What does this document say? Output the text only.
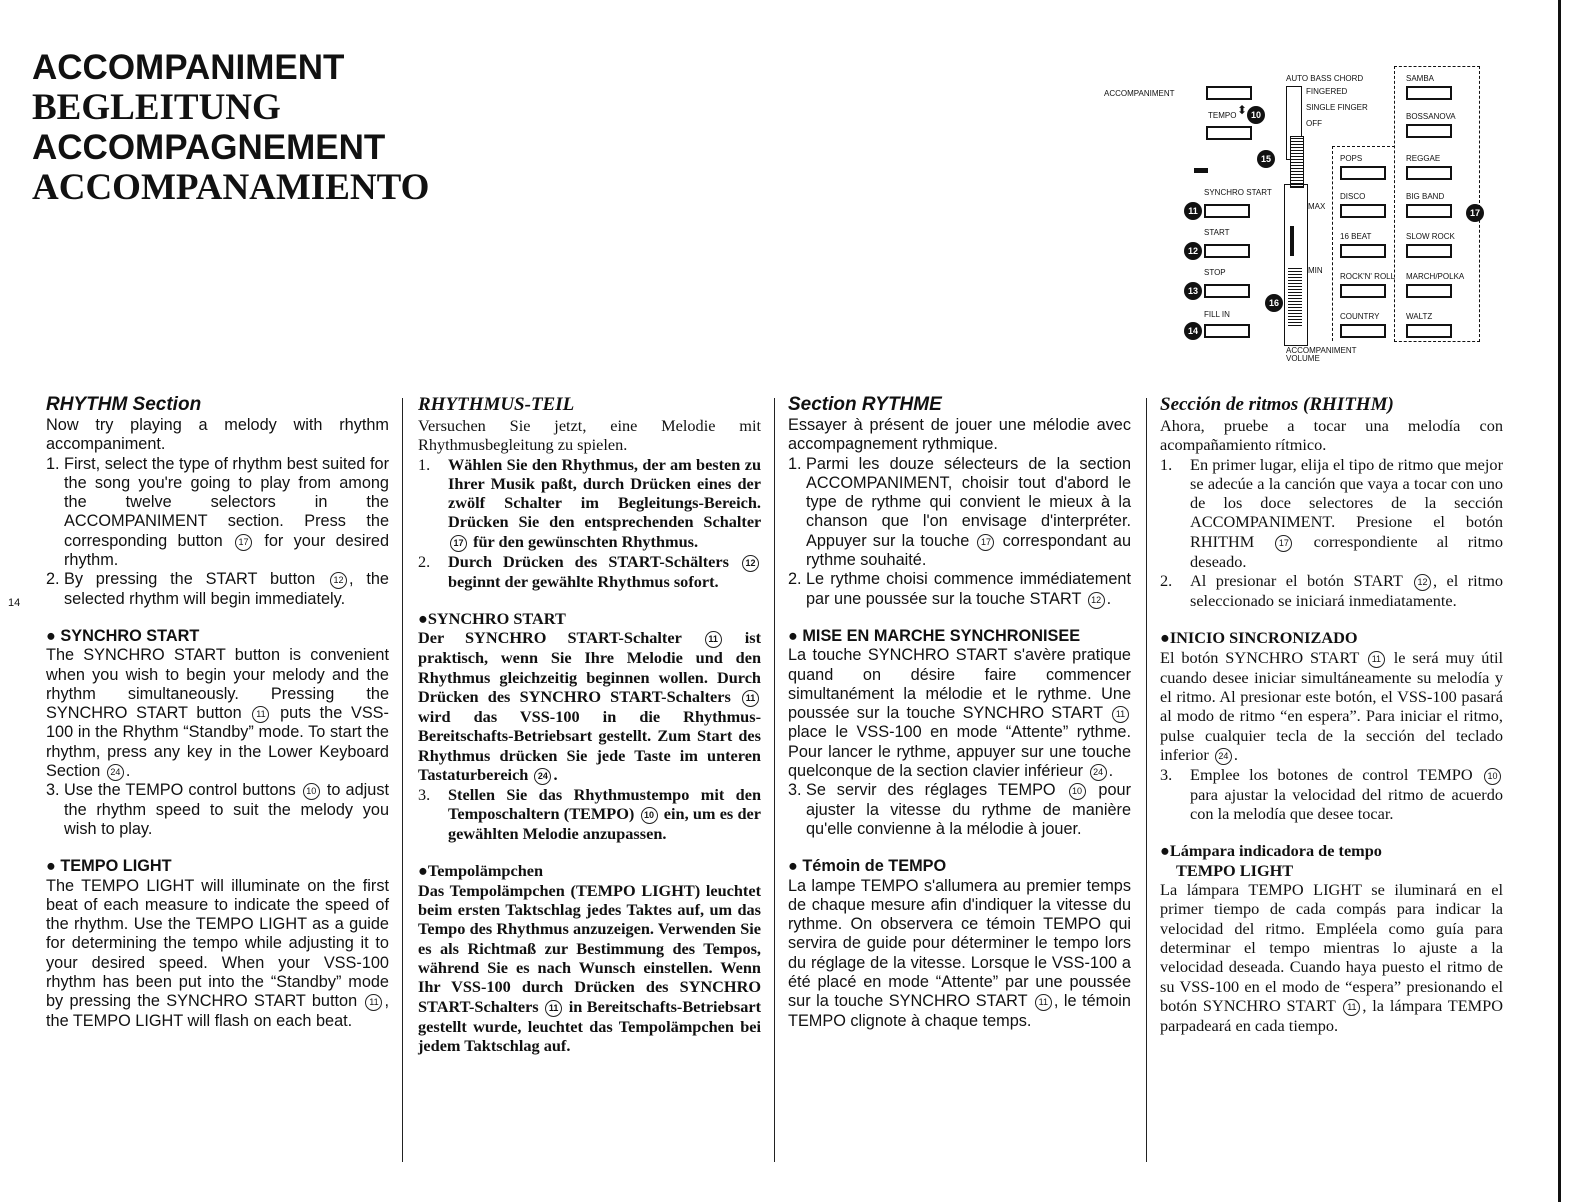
ACCOMPANIMENT
BEGLEITUNG
ACCOMPAGNEMENT
ACCOMPANAMIENTO
ACCOMPANIMENT
TEMPO ⬍ 10
AUTO BASS CHORD
FINGERED
SINGLE FINGER
OFF
15
MAX
MIN
16
ACCOMPANIMENT
VOLUME
SYNCHRO START
11
START
12
STOP
13
FILL IN
14
SAMBA
BOSSANOVA
POPS	REGGAE
DISCO	BIG BAND
17
16 BEAT	SLOW ROCK
ROCK'N' ROLL MARCH/POLKA
COUNTRY	WALTZ
14
RHYTHM Section

Now try playing a melody with rhythm accompaniment.

1. First, select the type of rhythm best suited for the song you're going to play from among the twelve selectors in the ACCOMPANIMENT section. Press the corresponding button 17 for your desired rhythm.
2. By pressing the START button 12 , the selected rhythm will begin immediately.
● SYNCHRO START

The SYNCHRO START button is convenient when you wish to begin your melody and the rhythm simultaneously. Pressing the SYNCHRO START button 11 puts the VSS-100 in the Rhythm “Standby” mode. To start the rhythm, press any key in the Lower Keyboard Section 24 .

3. Use the TEMPO control buttons 10 to adjust the rhythm speed to suit the melody you wish to play.
● TEMPO LIGHT

The TEMPO LIGHT will illuminate on the first beat of each measure to indicate the speed of the rhythm. Use the TEMPO LIGHT as a guide for determining the tempo while adjusting it to your desired speed. When your VSS-100 rhythm has been put into the “Standby” mode by pressing the SYNCHRO START button 11 , the TEMPO LIGHT will flash on each beat.

RHYTHMUS-TEIL

Versuchen Sie jetzt, eine Melodie mit Rhythmusbegleitung zu spielen.

1.	Wählen Sie den Rhythmus, der am besten zu Ihrer Musik paßt, durch Drücken eines der zwölf Schalter im Begleitungs-Bereich. Drücken Sie den entsprechenden Schalter 17 für den gewünschten Rhythmus.
2.	Durch Drücken des START-Schälters 12 beginnt der gewählte Rhythmus sofort.
●SYNCHRO START

Der SYNCHRO START-Schalter	11 ist praktisch, wenn Sie Ihre Melodie und den Rhythmus gleichzeitig beginnen wollen. Durch Drücken des SYNCHRO START-Schalters 11 wird das VSS-100 in die Rhythmus-Bereitschafts-Betriebsart gestellt. Zum Start des Rhythmus drücken Sie jede Taste im unteren Tastaturbereich 24 .

3.	Stellen Sie das Rhythmustempo mit den Temposchaltern (TEMPO) 10 ein, um es der gewählten Melodie anzupassen.
●Tempolämpchen

Das Tempolämpchen (TEMPO LIGHT) leuchtet beim ersten Taktschlag jedes Taktes auf, um das Tempo des Rhythmus anzuzeigen. Verwenden Sie es als Richtmaß zur Bestimmung des Tempos, während Sie es nach Wunsch einstellen. Wenn Ihr VSS-100 durch Drücken des SYNCHRO START-Schalters 11 in Bereitschafts-Betriebsart gestellt wurde, leuchtet das Tempolämpchen bei jedem Taktschlag auf.

Section RYTHME

Essayer à présent de jouer une mélodie avec accompagnement rythmique.

1. Parmi les douze sélecteurs de la section ACCOMPANIMENT, choisir tout d'abord le type de rythme qui convient le mieux à la chanson que l'on envisage d'interpréter. Appuyer sur la touche 17 correspondant au rythme souhaité.
2. Le rythme choisi commence immédiatement par une poussée sur la touche START 12 .
● MISE EN MARCHE SYNCHRONISEE

La touche SYNCHRO START s'avère pratique quand on désire faire commencer simultanément la mélodie et le rythme. Une poussée sur la touche SYNCHRO START 11 place le VSS-100 en mode “Attente” rythme. Pour lancer le rythme, appuyer sur une touche quelconque de la section clavier inférieur 24 .

3. Se servir des réglages TEMPO 10 pour ajuster la vitesse du rythme de manière qu'elle convienne à la mélodie à jouer.
● Témoin de TEMPO

La lampe TEMPO s'allumera au premier temps de chaque mesure afin d'indiquer la vitesse du rythme. On observera ce témoin TEMPO qui servira de guide pour déterminer le tempo lors du réglage de la vitesse. Lorsque le VSS-100 a été placé en mode “Attente” par une poussée sur la touche SYNCHRO START 11 , le témoin TEMPO clignote à chaque temps.

Sección de ritmos (RHITHM)

Ahora, pruebe a tocar una melodía con acompañamiento rítmico.

1.	En primer lugar, elija el tipo de ritmo que mejor se adecúe a la canción que vaya a tocar con uno de los doce selectores de la sección ACCOMPANIMENT. Presione el botón RHITHM	17 correspondiente al ritmo deseado.
2.	Al presionar el botón START 12 , el ritmo seleccionado se iniciará inmediatamente.
●INICIO SINCRONIZADO

El botón SYNCHRO START 11 le será muy útil cuando desee iniciar simultáneamente su melodía y el ritmo. Al presionar este botón, el VSS-100 pasará al modo de ritmo “en espera”. Para iniciar el ritmo, pulse cualquier tecla de la sección del teclado inferior 24 .

3.	Emplee los botones de control TEMPO 10 para ajustar la velocidad del ritmo de acuerdo con la melodía que desee tocar.
●Lámpara indicadora de tempo
TEMPO LIGHT

La lámpara TEMPO LIGHT se iluminará en el primer tiempo de cada compás para indicar la velocidad del ritmo. Empléela como guía para determinar el tempo mientras lo ajuste a la velocidad deseada. Cuando haya puesto el ritmo de su VSS-100 en el modo de “espera” presionando el botón SYNCHRO START 11 , la lámpara TEMPO parpadeará en cada tiempo.
